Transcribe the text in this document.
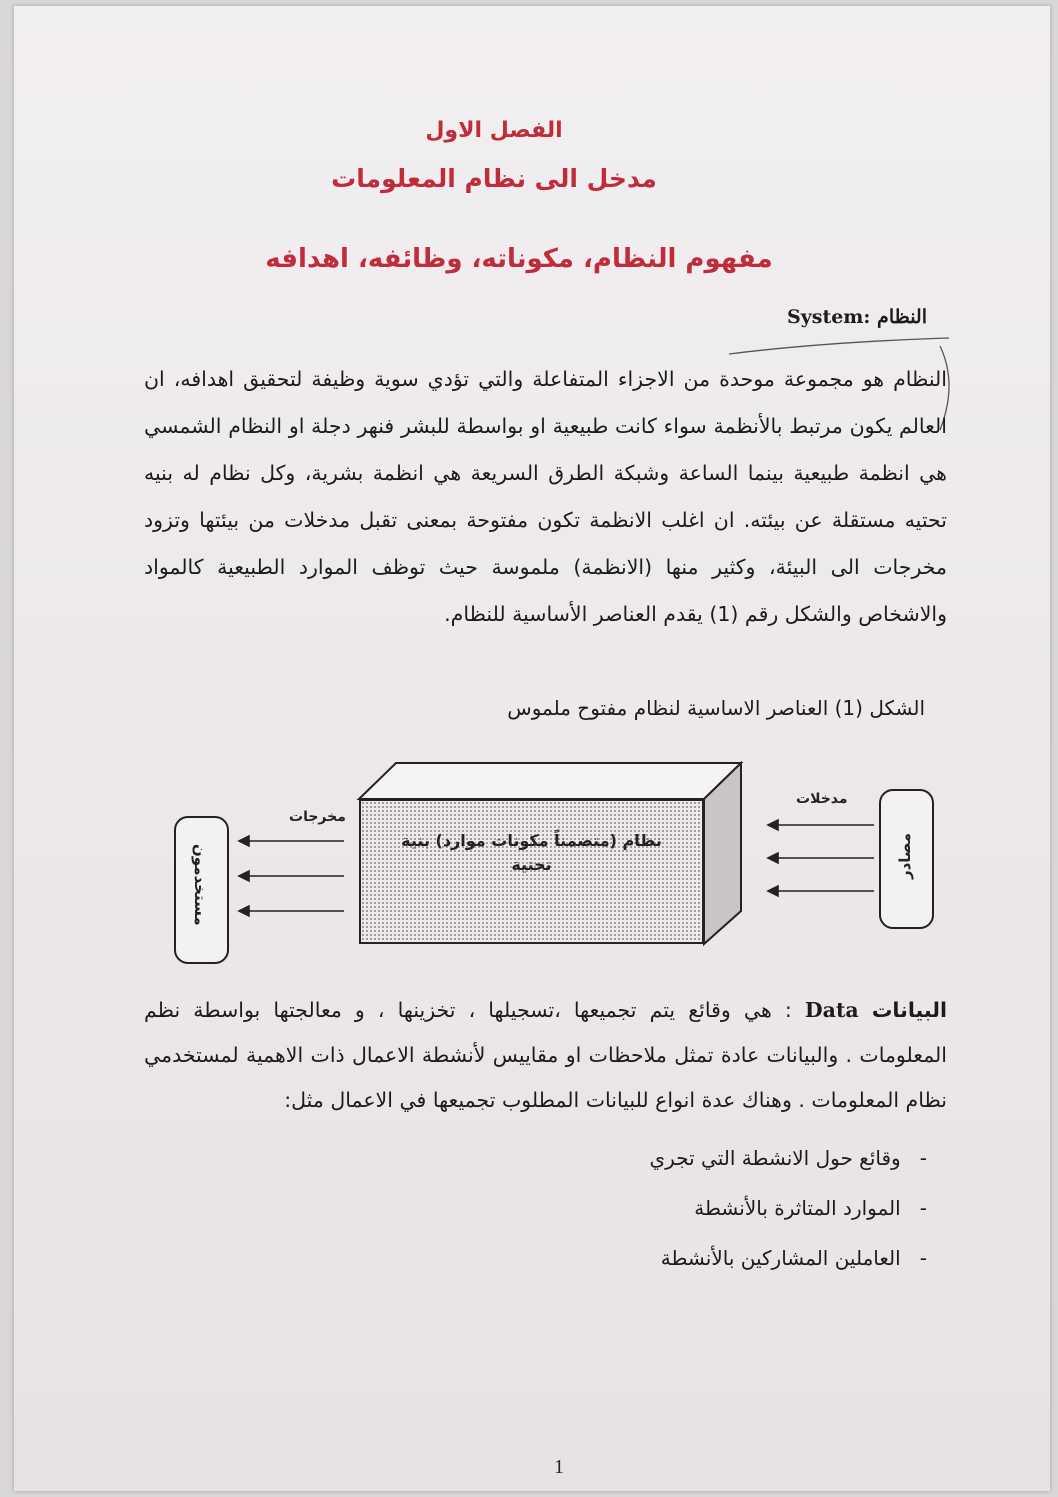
الفصل الاول
مدخل الى نظام المعلومات
مفهوم النظام، مكوناته، وظائفه، اهدافه
النظام :System
النظام هو مجموعة موحدة من الاجزاء المتفاعلة والتي تؤدي سوية وظيفة لتحقيق اهدافه، ان العالم يكون مرتبط بالأنظمة سواء كانت طبيعية او بواسطة للبشر فنهر دجلة او النظام الشمسي هي انظمة طبيعية بينما الساعة وشبكة الطرق السريعة هي انظمة بشرية، وكل نظام له بنيه تحتيه مستقلة عن بيئته. ان اغلب الانظمة تكون مفتوحة بمعنى تقبل مدخلات من بيئتها وتزود مخرجات الى البيئة، وكثير منها (الانظمة) ملموسة حيث توظف الموارد الطبيعية كالمواد والاشخاص والشكل رقم (1) يقدم العناصر الأساسية للنظام.
الشكل (1) العناصر الاساسية لنظام مفتوح ملموس
نظام (متضمناً مكونات موارد) بنية
تحتية	مصادر
مستخدمون
مدخلات
مخرجات
البيانات Data : هي وقائع يتم تجميعها ،تسجيلها ، تخزينها ، و معالجتها بواسطة نظم المعلومات . والبيانات عادة تمثل ملاحظات او مقاييس لأنشطة الاعمال ذات الاهمية لمستخدمي نظام المعلومات . وهناك عدة انواع للبيانات المطلوب تجميعها في الاعمال مثل:
-   وقائع حول الانشطة التي تجري
-   الموارد المتاثرة بالأنشطة
-   العاملين المشاركين بالأنشطة
1
